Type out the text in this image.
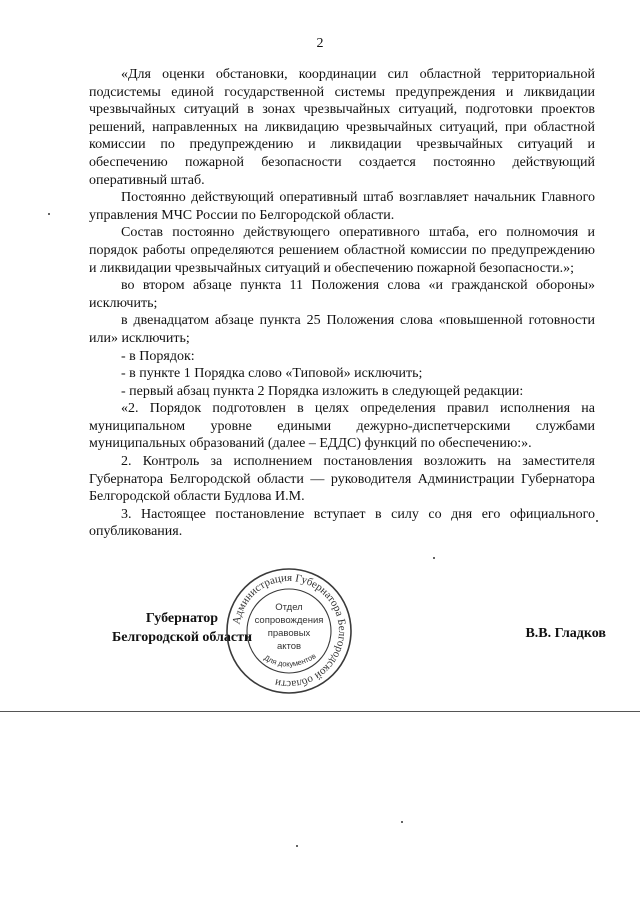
2

«Для оценки обстановки, координации сил областной территориальной подсистемы единой государственной системы предупреждения и ликвидации чрезвычайных ситуаций в зонах чрезвычайных ситуаций, подготовки проектов решений, направленных на ликвидацию чрезвычайных ситуаций, при областной комиссии по предупреждению и ликвидации чрезвычайных ситуаций и обеспечению пожарной безопасности создается постоянно действующий оперативный штаб.

Постоянно действующий оперативный штаб возглавляет начальник Главного управления МЧС России по Белгородской области.

Состав постоянно действующего оперативного штаба, его полномочия и порядок работы определяются решением областной комиссии по предупреждению и ликвидации чрезвычайных ситуаций и обеспечению пожарной безопасности.»;

во втором абзаце пункта 11 Положения слова «и гражданской обороны» исключить;

в двенадцатом абзаце пункта 25 Положения слова «повышенной готовности или» исключить;

- в Порядок:

- в пункте 1 Порядка слово «Типовой» исключить;

- первый абзац пункта 2 Порядка изложить в следующей редакции:

«2. Порядок подготовлен в целях определения правил исполнения на муниципальном уровне едиными дежурно-диспетчерскими службами муниципальных образований (далее – ЕДДС) функций по обеспечению:».

2. Контроль за исполнением постановления возложить на заместителя Губернатора Белгородской области — руководителя Администрации Губернатора Белгородской области Будлова И.М.

3. Настоящее постановление вступает в силу со дня его официального опубликования.

Губернатор
Белгородской области	В.В. Гладков
Администрация Губернатора Белгородской области
Отдел
сопровождения
правовых
актов
Для документов
